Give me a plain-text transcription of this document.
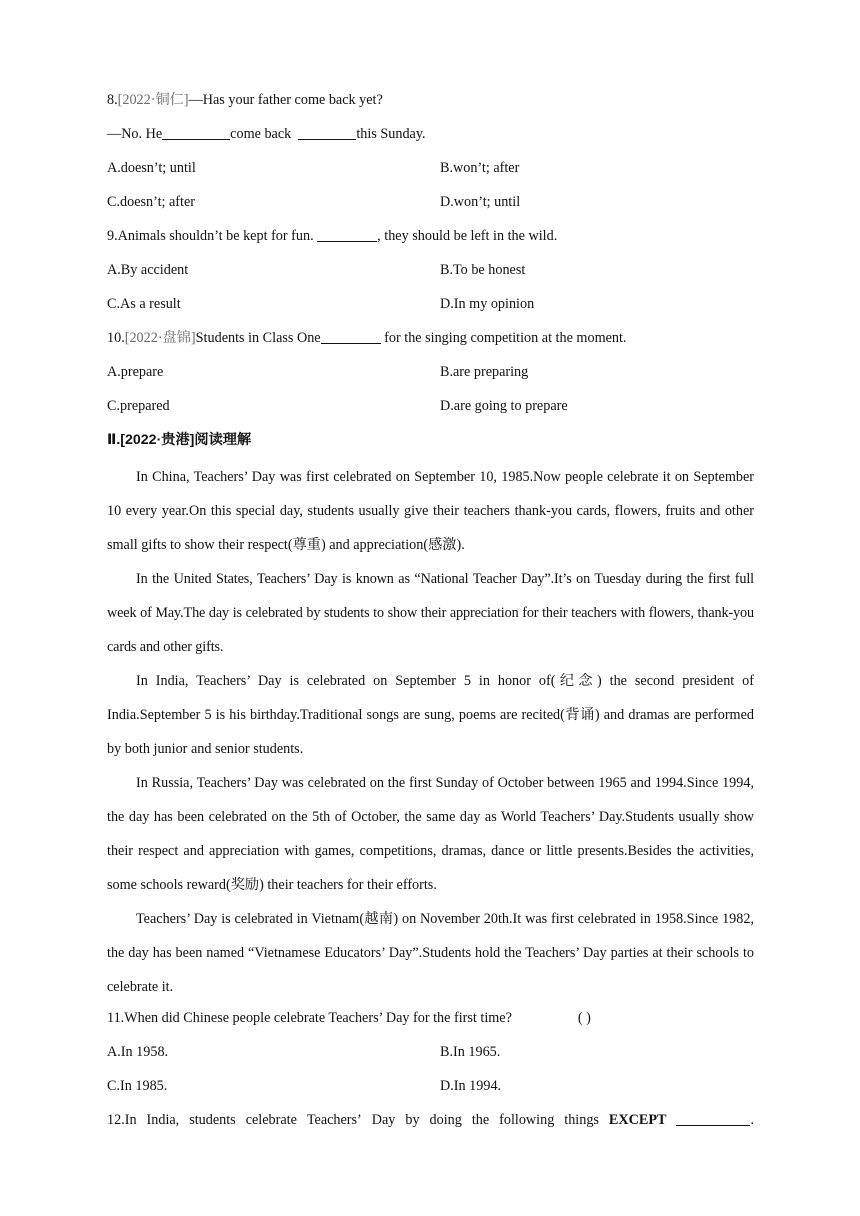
8.[2022·铜仁]—Has your father come back yet?
—No. He	come back	this Sunday.
A.doesn’t; until	B.won’t; after
C.doesn’t; after	D.won’t; until
9.Animals shouldn’t be kept for fun.	, they should be left in the wild.
A.By accident	B.To be honest
C.As a result	D.In my opinion
10.[2022·盘锦]Students in Class One	for the singing competition at the moment.
A.prepare	B.are preparing
C.prepared	D.are going to prepare
Ⅱ.[2022·贵港]阅读理解

In China, Teachers’ Day was first celebrated on September 10, 1985.Now people celebrate it on September 10 every year.On this special day, students usually give their teachers thank-you cards, flowers, fruits and other small gifts to show their respect(尊重) and appreciation(感激).

In the United States, Teachers’ Day is known as “National Teacher Day”.It’s on Tuesday during the first full week of May.The day is celebrated by students to show their appreciation for their teachers with flowers, thank-you cards and other gifts.

In India, Teachers’ Day is celebrated on September 5 in honor of(纪念) the second president of India.September 5 is his birthday.Traditional songs are sung, poems are recited(背诵) and dramas are performed by both junior and senior students.

In Russia, Teachers’ Day was celebrated on the first Sunday of October between 1965 and 1994.Since 1994, the day has been celebrated on the 5th of October, the same day as World Teachers’ Day.Students usually show their respect and appreciation with games, competitions, dramas, dance or little presents.Besides the activities, some schools reward(奖励) their teachers for their efforts.

Teachers’ Day is celebrated in Vietnam(越南) on November 20th.It was first celebrated in 1958.Since 1982, the day has been named “Vietnamese Educators’ Day”.Students hold the Teachers’ Day parties at their schools to celebrate it.

11.When did Chinese people celebrate Teachers’ Day for the first time?	( )
A.In 1958.	B.In 1965.
C.In 1985.	D.In 1994.
12.In India, students celebrate Teachers’ Day by doing the following things EXCEPT	.
